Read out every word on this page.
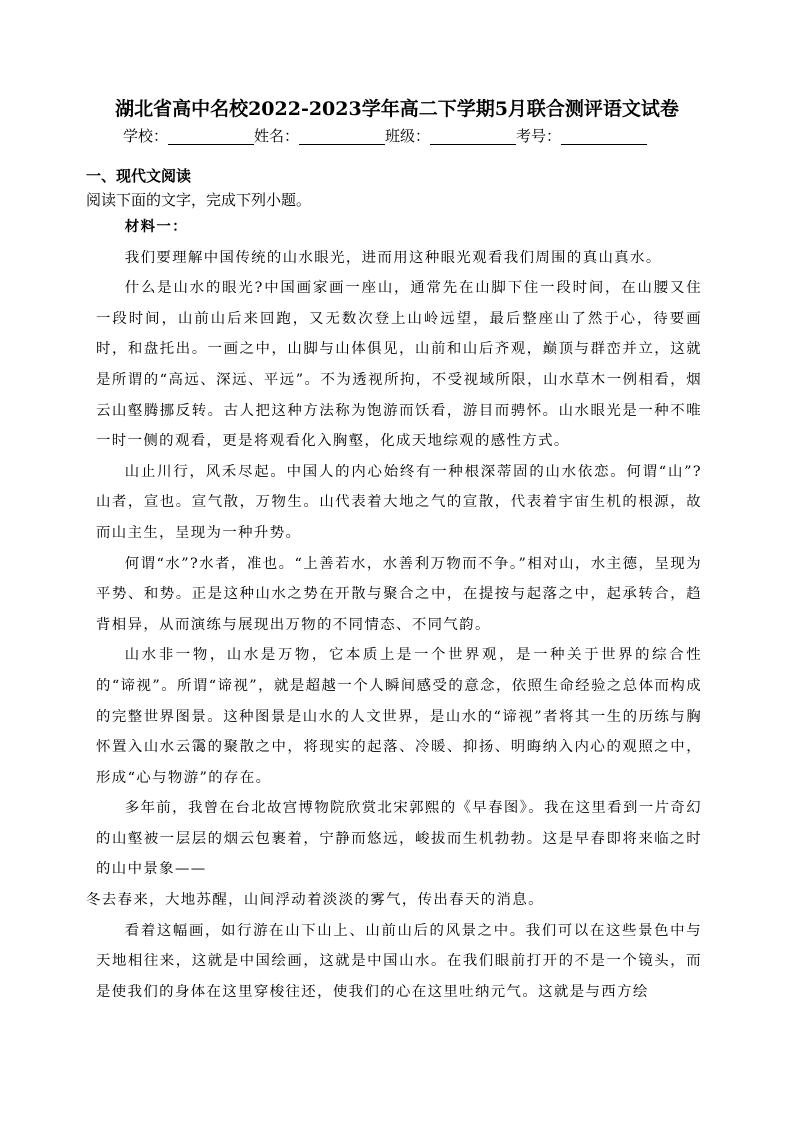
湖北省高中名校2022-2023学年高二下学期5月联合测评语文试卷
学校：	姓名：	班级：	考号：
一、现代文阅读
阅读下面的文字，完成下列小题。

材料一：

我们要理解中国传统的山水眼光，进而用这种眼光观看我们周围的真山真水。

什么是山水的眼光?中国画家画一座山，通常先在山脚下住一段时间，在山腰又住一段时间，山前山后来回跑，又无数次登上山岭远望，最后整座山了然于心，待要画时，和盘托出。一画之中，山脚与山体俱见，山前和山后齐观，巅顶与群峦并立，这就是所谓的“高远、深远、平远”。不为透视所拘，不受视域所限，山水草木一例相看，烟云山壑腾挪反转。古人把这种方法称为饱游而饫看，游目而骋怀。山水眼光是一种不唯一时一侧的观看，更是将观看化入胸壑，化成天地综观的感性方式。

山止川行，风禾尽起。中国人的内心始终有一种根深蒂固的山水依恋。何谓“山”?山者，宣也。宣气散，万物生。山代表着大地之气的宣散，代表着宇宙生机的根源，故而山主生，呈现为一种升势。

何谓“水”?水者，准也。“上善若水，水善利万物而不争。”相对山，水主德，呈现为平势、和势。正是这种山水之势在开散与聚合之中，在提按与起落之中，起承转合，趋背相异，从而演练与展现出万物的不同情态、不同气韵。

山水非一物，山水是万物，它本质上是一个世界观，是一种关于世界的综合性的“谛视”。所谓“谛视”，就是超越一个人瞬间感受的意念，依照生命经验之总体而构成的完整世界图景。这种图景是山水的人文世界，是山水的“谛视”者将其一生的历练与胸怀置入山水云霭的聚散之中，将现实的起落、冷暖、抑扬、明晦纳入内心的观照之中，形成“心与物游”的存在。

多年前，我曾在台北故宫博物院欣赏北宋郭熙的《早春图》。我在这里看到一片奇幻的山壑被一层层的烟云包裹着，宁静而悠远，峻拔而生机勃勃。这是早春即将来临之时的山中景象——

冬去春来，大地苏醒，山间浮动着淡淡的雾气，传出春天的消息。

看着这幅画，如行游在山下山上、山前山后的风景之中。我们可以在这些景色中与天地相往来，这就是中国绘画，这就是中国山水。在我们眼前打开的不是一个镜头，而是使我们的身体在这里穿梭往还，使我们的心在这里吐纳元气。这就是与西方绘
